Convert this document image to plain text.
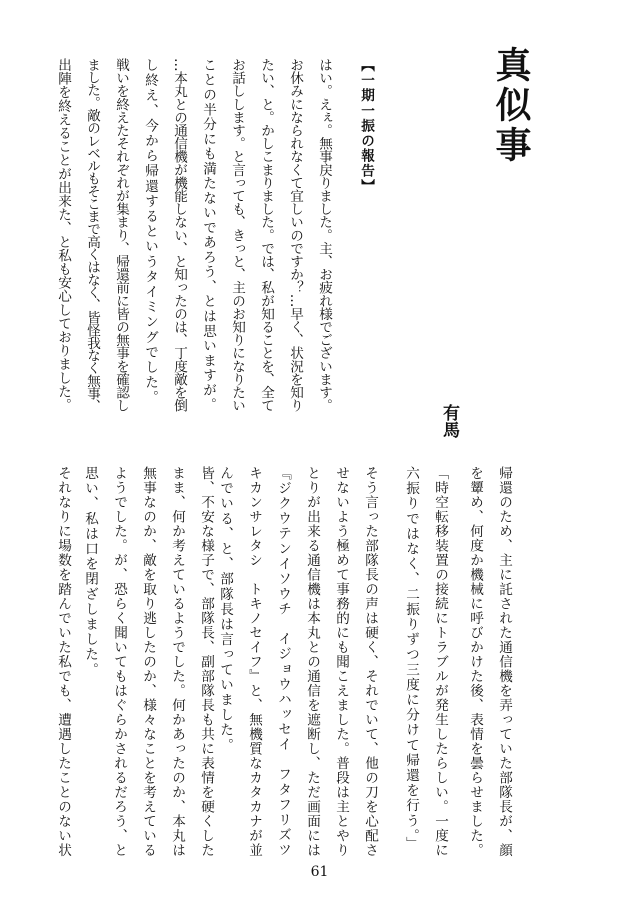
真似事
【一期一振の報告】
はい。えぇ。無事戻りました。主、お疲れ様でございます。
お休みになられなくて宜しいのですか？…早く、状況を知り
たい、と。かしこまりました。では、私が知ることを、全て
お話しします。と言っても、きっと、主のお知りになりたい
ことの半分にも満たないであろう、とは思いますが。
…本丸との通信機が機能しない、と知ったのは、丁度敵を倒
し終え、今から帰還するというタイミングでした。
戦いを終えたそれぞれが集まり、帰還前に皆の無事を確認し
ました。敵のレベルもそこまで高くはなく、皆怪我なく無事、
出陣を終えることが出来た、と私も安心しておりました。
有馬
帰還のため、主に託された通信機を弄っていた部隊長が、顔
を顰め、何度か機械に呼びかけた後、表情を曇らせました。
「時空転移装置の接続にトラブルが発生したらしい。一度に
六振りではなく、二振りずつ三度に分けて帰還を行う。」
そう言った部隊長の声は硬く、それでいて、他の刀を心配さ
せないよう極めて事務的にも聞こえました。普段は主とやり
とりが出来る通信機は本丸との通信を遮断し、ただ画面には
『ジクウテンイソウチ　イジョウハッセイ　フタフリズツ
キカンサレタシ　トキノセイフ』と、無機質なカタカナが並
んでいる、と、部隊長は言っていました。
皆、不安な様子で、部隊長、副部隊長も共に表情を硬くした
まま、何か考えているようでした。何かあったのか、本丸は
無事なのか、敵を取り逃したのか、様々なことを考えている
ようでした。が、恐らく聞いてもはぐらかされるだろう、と
思い、私は口を閉ざしました。
それなりに場数を踏んでいた私でも、遭遇したことのない状
61
